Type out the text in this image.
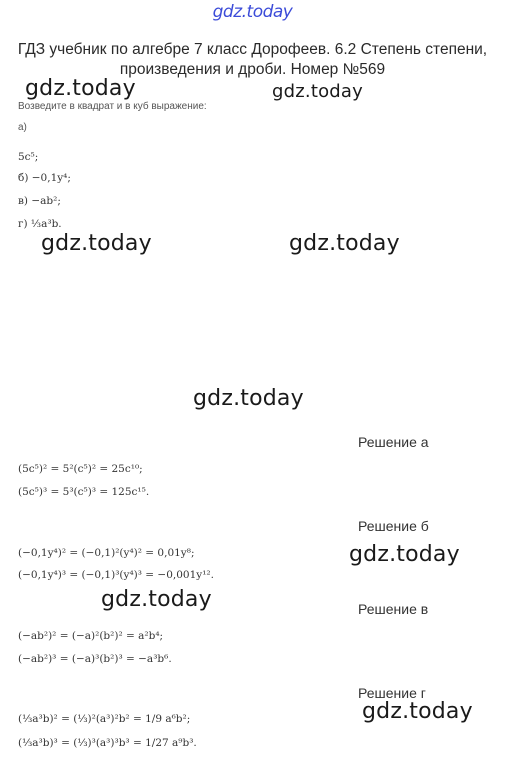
gdz.today
ГДЗ учебник по алгебре 7 класс Дорофеев. 6.2 Степень степени, произведения и дроби. Номер №569
gdz.today	gdz.today
gdz.today	gdz.today
gdz.today
gdz.today
gdz.today
gdz.today
Возведите в квадрат и в куб выражение:
а)
5c⁵;
б) −0,1y⁴;
в) −ab²;
г) ⅓a³b.
Решение а
(5c⁵)² = 5²(c⁵)² = 25c¹⁰;
(5c⁵)³ = 5³(c⁵)³ = 125c¹⁵.
Решение б
(−0,1y⁴)² = (−0,1)²(y⁴)² = 0,01y⁸;
(−0,1y⁴)³ = (−0,1)³(y⁴)³ = −0,001y¹².
Решение в
(−ab²)² = (−a)²(b²)² = a²b⁴;
(−ab²)³ = (−a)³(b²)³ = −a³b⁶.
Решение г
(⅓a³b)² = (⅓)²(a³)²b² = 1/9 a⁶b²;
(⅓a³b)³ = (⅓)³(a³)³b³ = 1/27 a⁹b³.
